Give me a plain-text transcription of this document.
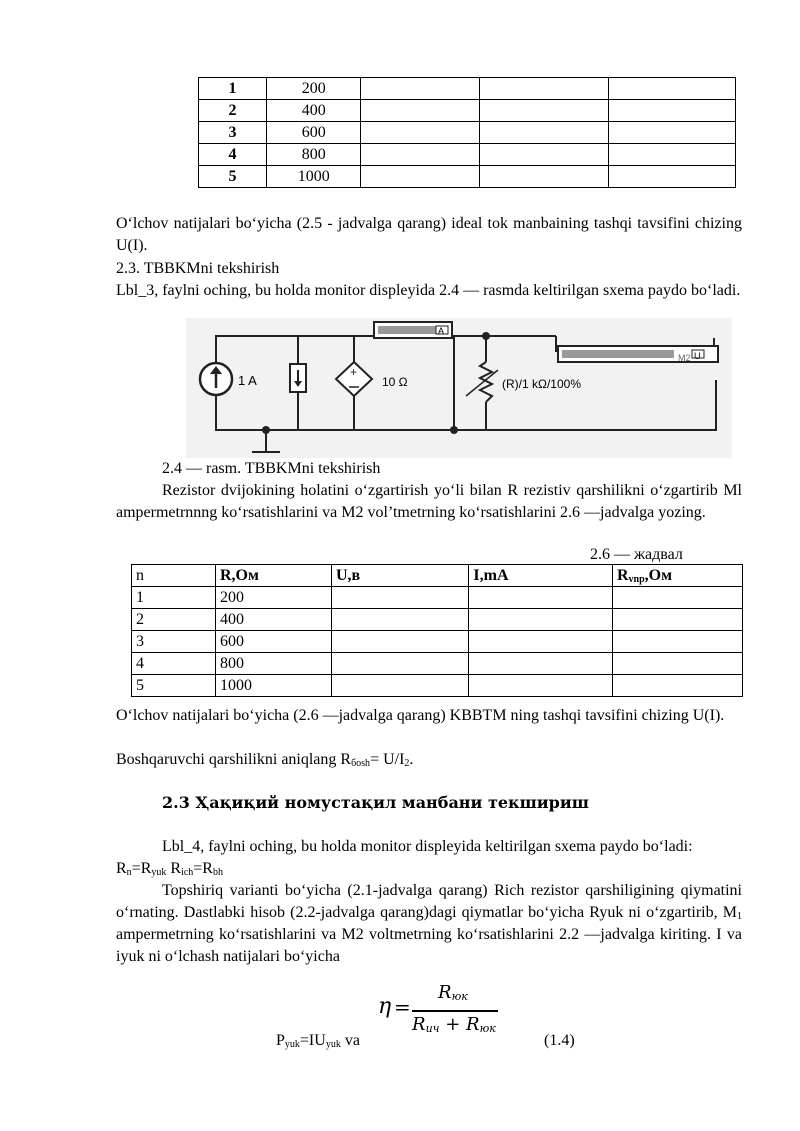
1	200			
2	400			
3	600			
4	800			
5	1000			
O‘lchov natijalari bo‘yicha (2.5 - jadvalga qarang) ideal tok manbaining tashqi tavsifini chizing U(I).
2.3. TBBKMni tekshirish
Lbl_3, faylni oching, bu holda monitor displeyida 2.4 — rasmda keltirilgan sxema paydo bo‘ladi.
1 A
+
10 Ω
A
(R)/1 kΩ/100%
U
M2
2.4 — rasm. TBBKMni tekshirish
Rezistor dvijokining holatini o‘zgartirish yo‘li bilan R rezistiv qarshilikni o‘zgartirib Ml ampermetrnnng ko‘rsatishlarini va M2 vol’tmetrning ko‘rsatishlarini 2.6 —jadvalga yozing.
2.6 — жадвал
n	R,Ом	U,в	I,mA	$R_{vnp},Ом$
1	200			
2	400			
3	600			
4	800			
5	1000			
O‘lchov natijalari bo‘yicha (2.6 —jadvalga qarang) KBBTM ning tashqi tavsifini chizing U(I).
Boshqaruvchi qarshilikni aniqlang $R_{бosh}= U/I_2$.
2.3 Ҳақиқий номустақил манбани текшириш
Lbl_4, faylni oching, bu holda monitor displeyida keltirilgan sxema paydo bo‘ladi: $R_n=R_{yuk}$ $R_{ich}=R_{bh}$
Topshiriq varianti bo‘yicha (2.1-jadvalga qarang) Rich rezistor qarshiligining qiymatini o‘rnating. Dastlabki hisob (2.2-jadvalga qarang)dagi qiymatlar bo‘yicha Ryuk ni o‘zgartirib, $M_1$ ampermetrning ko‘rsatishlarini va M2 voltmetrning ko‘rsatishlarini 2.2 —jadvalga kiriting. I va iyuk ni o‘lchash natijalari bo‘yicha
$P_{yuk}=IU_{yuk}$ va
η =
$R_{юк}$
$R_{ич} + R_{юк}$
(1.4)
